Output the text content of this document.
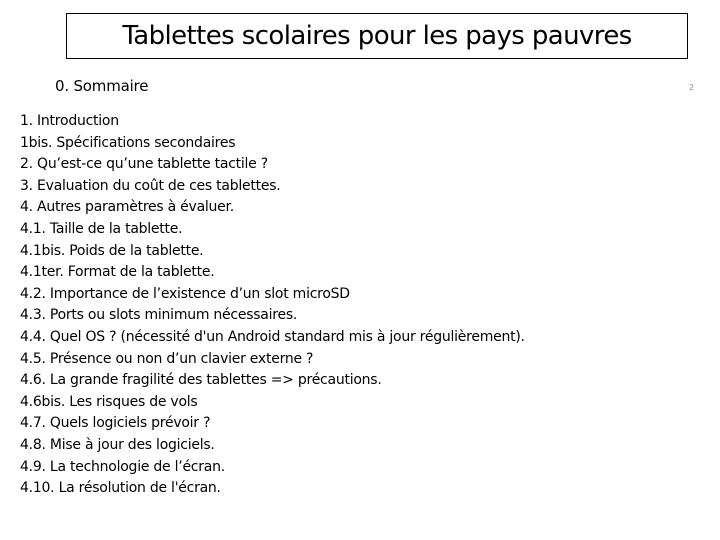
Tablettes scolaires pour les pays pauvres
0. Sommaire	2
1. Introduction
1bis. Spécifications secondaires
2. Qu’est-ce qu’une tablette tactile ?
3. Evaluation du coût de ces tablettes.
4. Autres paramètres à évaluer.
4.1. Taille de la tablette.
4.1bis. Poids de la tablette.
4.1ter. Format de la tablette.
4.2. Importance de l’existence d’un slot microSD
4.3. Ports ou slots minimum nécessaires.
4.4. Quel OS ? (nécessité d'un Android standard mis à jour régulièrement).
4.5. Présence ou non d’un clavier externe ?
4.6. La grande fragilité des tablettes => précautions.
4.6bis. Les risques de vols
4.7. Quels logiciels prévoir ?
4.8. Mise à jour des logiciels.
4.9. La technologie de l’écran.
4.10. La résolution de l'écran.
